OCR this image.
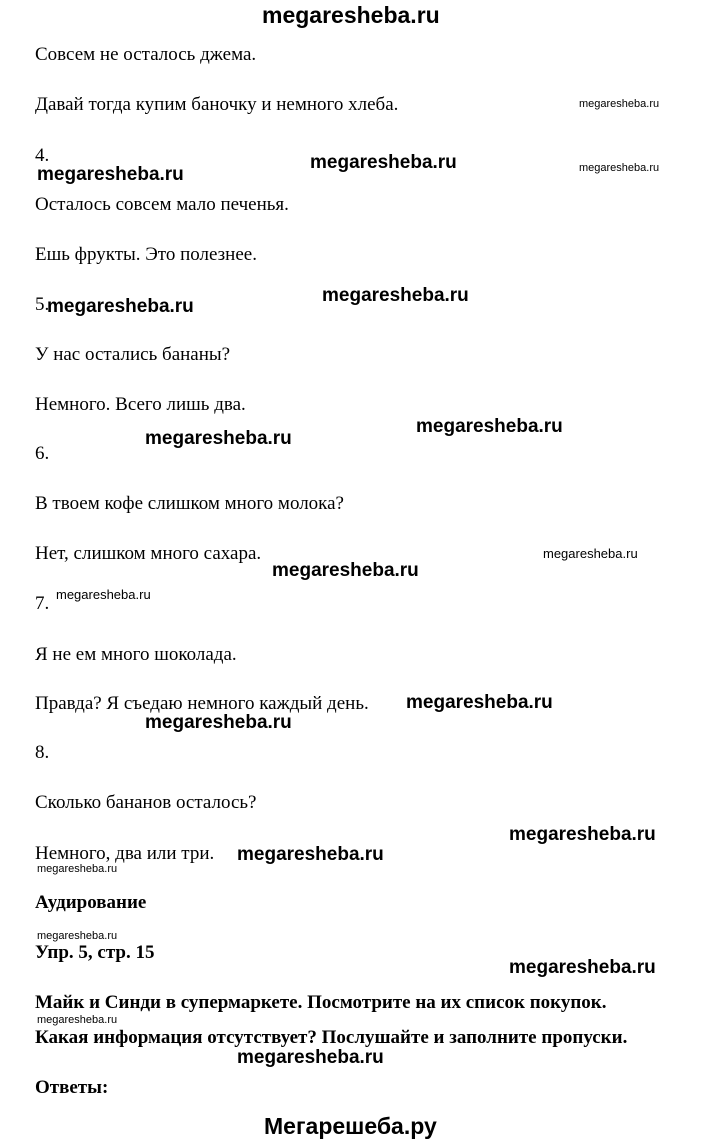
megaresheba.ru
Совсем не осталось джема.
Давай тогда купим баночку и немного хлеба.
4.
Осталось совсем мало печенья.
Ешь фрукты. Это полезнее.
5.
У нас остались бананы?
Немного. Всего лишь два.
6.
В твоем кофе слишком много молока?
Нет, слишком много сахара.
7.
Я не ем много шоколада.
Правда? Я съедаю немного каждый день.
8.
Сколько бананов осталось?
Немного, два или три.
Аудирование
Упр. 5, стр. 15
Майк и Синди в супермаркете. Посмотрите на их список покупок.
Какая информация отсутствует? Послушайте и заполните пропуски.
Ответы:
megaresheba.ru
megaresheba.ru
megaresheba.ru	megaresheba.ru
megaresheba.ru
megaresheba.ru
megaresheba.ru
megaresheba.ru
megaresheba.ru
megaresheba.ru
megaresheba.ru
megaresheba.ru
megaresheba.ru
megaresheba.ru
megaresheba.ru
megaresheba.ru
megaresheba.ru
megaresheba.ru
megaresheba.ru
megaresheba.ru
Мегарешеба.ру
